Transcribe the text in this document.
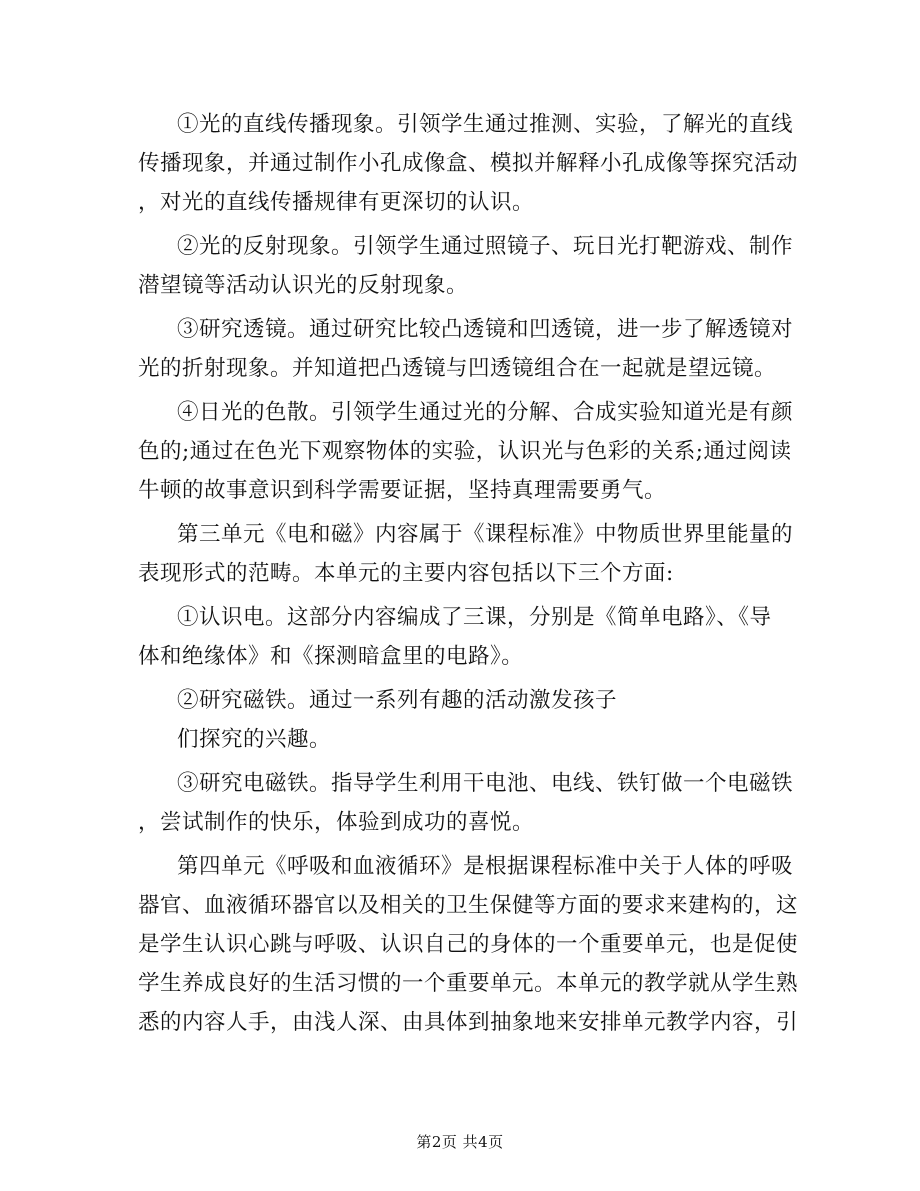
①光的直线传播现象。引领学生通过推测、实验，了解光的直线
传播现象，并通过制作小孔成像盒、模拟并解释小孔成像等探究活动
，对光的直线传播规律有更深切的认识。
②光的反射现象。引领学生通过照镜子、玩日光打靶游戏、制作
潜望镜等活动认识光的反射现象。
③研究透镜。通过研究比较凸透镜和凹透镜，进一步了解透镜对
光的折射现象。并知道把凸透镜与凹透镜组合在一起就是望远镜。
④日光的色散。引领学生通过光的分解、合成实验知道光是有颜
色的;通过在色光下观察物体的实验，认识光与色彩的关系;通过阅读
牛顿的故事意识到科学需要证据，坚持真理需要勇气。
第三单元《电和磁》内容属于《课程标准》中物质世界里能量的
表现形式的范畴。本单元的主要内容包括以下三个方面:
①认识电。这部分内容编成了三课，分别是《简单电路》、《导
体和绝缘体》和《探测暗盒里的电路》。
②研究磁铁。通过一系列有趣的活动激发孩子
们探究的兴趣。
③研究电磁铁。指导学生利用干电池、电线、铁钉做一个电磁铁
，尝试制作的快乐，体验到成功的喜悦。
第四单元《呼吸和血液循环》是根据课程标准中关于人体的呼吸
器官、血液循环器官以及相关的卫生保健等方面的要求来建构的，这
是学生认识心跳与呼吸、认识自己的身体的一个重要单元，也是促使
学生养成良好的生活习惯的一个重要单元。本单元的教学就从学生熟
悉的内容人手，由浅人深、由具体到抽象地来安排单元教学内容，引
第2页 共4页
